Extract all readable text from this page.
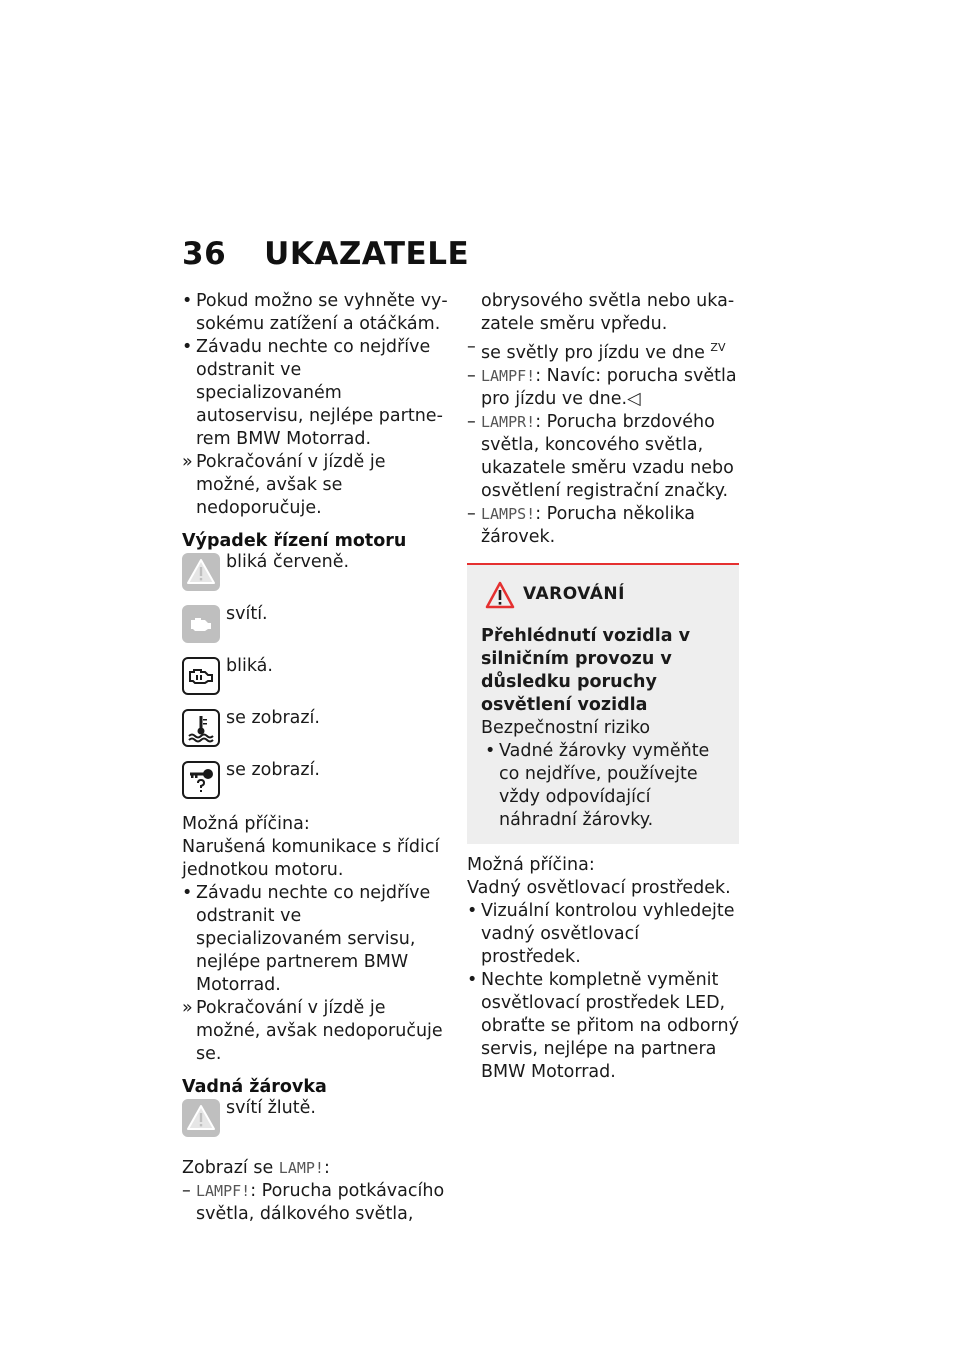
36 UKAZATELE
• Pokud možno se vyhněte vysokému zatížení a otáčkám.
• Závadu nechte co nejdříve odstranit ve specializovaném autoservisu, nejlépe partnerem BMW Motorrad.
» Pokračování v jízdě je možné, avšak se nedoporučuje.
Výpadek řízení motoru
bliká červeně.
svítí.
bliká.
se zobrazí.
se zobrazí.

Možná příčina:

Narušená komunikace s řídicí jednotkou motoru.

• Závadu nechte co nejdříve odstranit ve specializovaném servisu, nejlépe partnerem BMW Motorrad.
» Pokračování v jízdě je možné, avšak nedoporučuje se.
Vadná žárovka
svítí žlutě.

Zobrazí se LAMP!:

– LAMPF!: Porucha potkávacího světla, dálkového světla,
obrysového světla nebo ukazatele směru vpředu.
– se světly pro jízdu ve dne $^{ZV}$
– LAMPF!: Navíc: porucha světla pro jízdu ve dne.◁
– LAMPR!: Porucha brzdového světla, koncového světla, ukazatele směru vzadu nebo osvětlení registrační značky.
– LAMPS!: Porucha několika žárovek.
VAROVÁNÍ

Přehlédnutí vozidla v silničním provozu v důsledku poruchy osvětlení vozidla

Bezpečnostní riziko

• Vadné žárovky vyměňte co nejdříve, používejte vždy odpovídající náhradní žárovky.

Možná příčina:

Vadný osvětlovací prostředek.

• Vizuální kontrolou vyhledejte vadný osvětlovací prostředek.
• Nechte kompletně vyměnit osvětlovací prostředek LED, obraťte se přitom na odborný servis, nejlépe na partnera BMW Motorrad.
